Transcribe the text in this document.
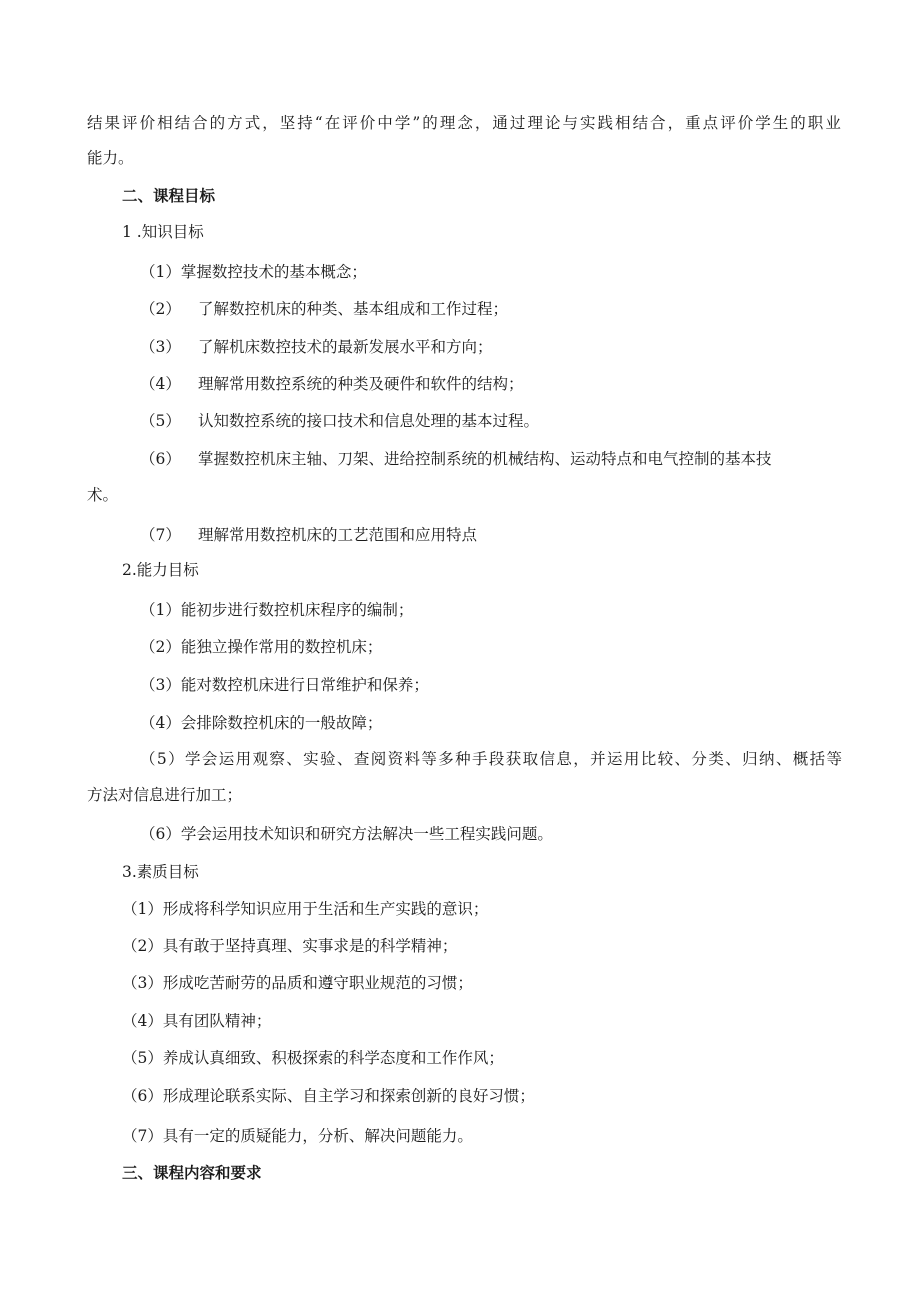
结果评价相结合的方式，坚持“在评价中学”的理念，通过理论与实践相结合，重点评价学生的职业
能力。
二、课程目标
1 .知识目标
（1）掌握数控技术的基本概念；
（2） 了解数控机床的种类、基本组成和工作过程；
（3） 了解机床数控技术的最新发展水平和方向；
（4） 理解常用数控系统的种类及硬件和软件的结构；
（5） 认知数控系统的接口技术和信息处理的基本过程。
（6） 掌握数控机床主轴、刀架、进给控制系统的机械结构、运动特点和电气控制的基本技
术。
（7） 理解常用数控机床的工艺范围和应用特点
2.能力目标
（1）能初步进行数控机床程序的编制；
（2）能独立操作常用的数控机床；
（3）能对数控机床进行日常维护和保养；
（4）会排除数控机床的一般故障；
（5）学会运用观察、实验、查阅资料等多种手段获取信息，并运用比较、分类、归纳、概括等
方法对信息进行加工；
（6）学会运用技术知识和研究方法解决一些工程实践问题。
3.素质目标
（1）形成将科学知识应用于生活和生产实践的意识；
（2）具有敢于坚持真理、实事求是的科学精神；
（3）形成吃苦耐劳的品质和遵守职业规范的习惯；
（4）具有团队精神；
（5）养成认真细致、积极探索的科学态度和工作作风；
（6）形成理论联系实际、自主学习和探索创新的良好习惯；
（7）具有一定的质疑能力，分析、解决问题能力。
三、课程内容和要求
